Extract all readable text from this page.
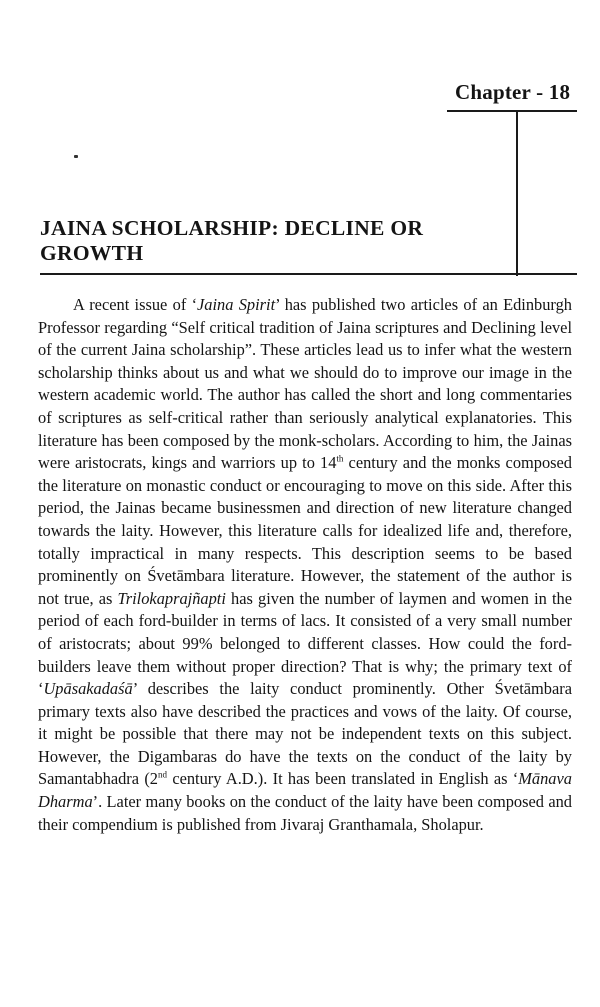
Chapter - 18
JAINA SCHOLARSHIP: DECLINE OR GROWTH

A recent issue of ‘Jaina Spirit’ has published two articles of an Edinburgh Professor regarding “Self critical tradition of Jaina scriptures and Declining level of the current Jaina scholarship”. These articles lead us to infer what the western scholarship thinks about us and what we should do to improve our image in the western academic world. The author has called the short and long commentaries of scriptures as self-critical rather than seriously analytical explanatories. This literature has been composed by the monk-scholars. According to him, the Jainas were aristocrats, kings and warriors up to 14th century and the monks composed the literature on monastic conduct or encouraging to move on this side. After this period, the Jainas became businessmen and direction of new literature changed towards the laity. However, this literature calls for idealized life and, therefore, totally impractical in many respects. This description seems to be based prominently on Śvetāmbara literature. However, the statement of the author is not true, as Trilokaprajñapti has given the number of laymen and women in the period of each ford-builder in terms of lacs. It consisted of a very small number of aristocrats; about 99% belonged to different classes. How could the ford-builders leave them without proper direction? That is why; the primary text of ‘Upāsakadaśā’ describes the laity conduct prominently. Other Śvetāmbara primary texts also have described the practices and vows of the laity. Of course, it might be possible that there may not be independent texts on this subject. However, the Digambaras do have the texts on the conduct of the laity by Samantabhadra (2nd century A.D.). It has been translated in English as ‘Mānava Dharma’. Later many books on the conduct of the laity have been composed and their compendium is published from Jivaraj Granthamala, Sholapur.
